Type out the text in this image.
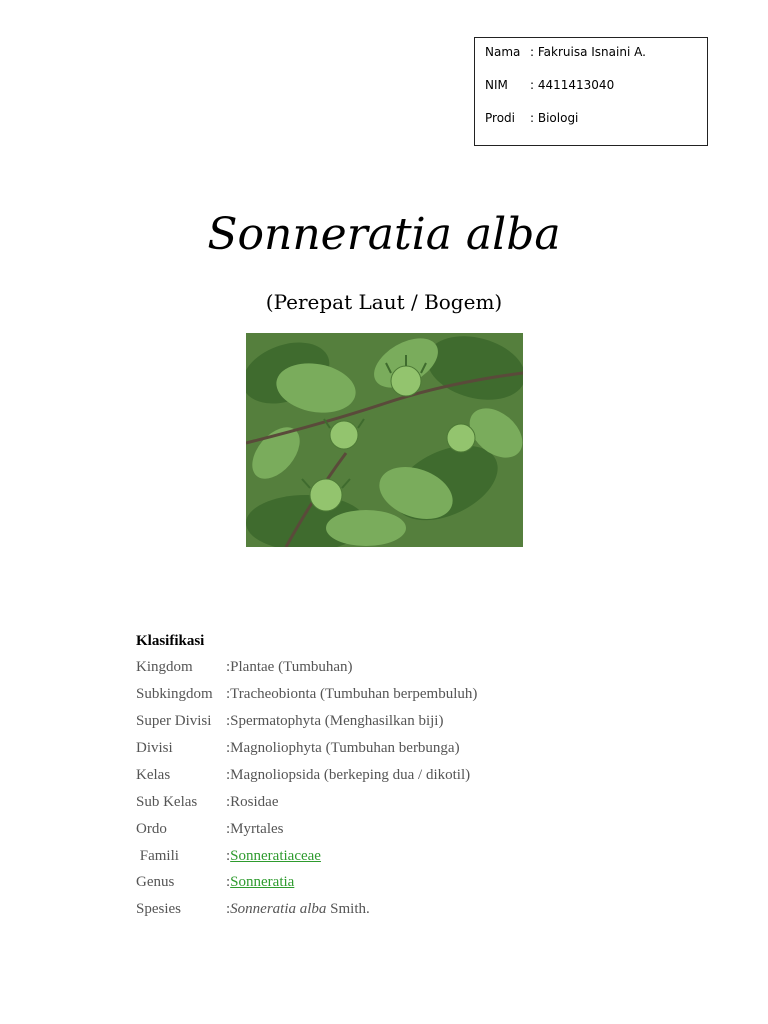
Nama : Fakruisa Isnaini A.
NIM : 4411413040
Prodi : Biologi
Sonneratia alba
(Perepat Laut / Bogem)
Klasifikasi
Kingdom :Plantae (Tumbuhan)
Subkingdom :Tracheobionta (Tumbuhan berpembuluh)
Super Divisi :Spermatophyta (Menghasilkan biji)
Divisi	:Magnoliophyta (Tumbuhan berbunga)
Kelas	:Magnoliopsida (berkeping dua / dikotil)
Sub Kelas :Rosidae
Ordo	:Myrtales
Famili	:Sonneratiaceae
Genus	:Sonneratia
Spesies	:Sonneratia alba Smith.
